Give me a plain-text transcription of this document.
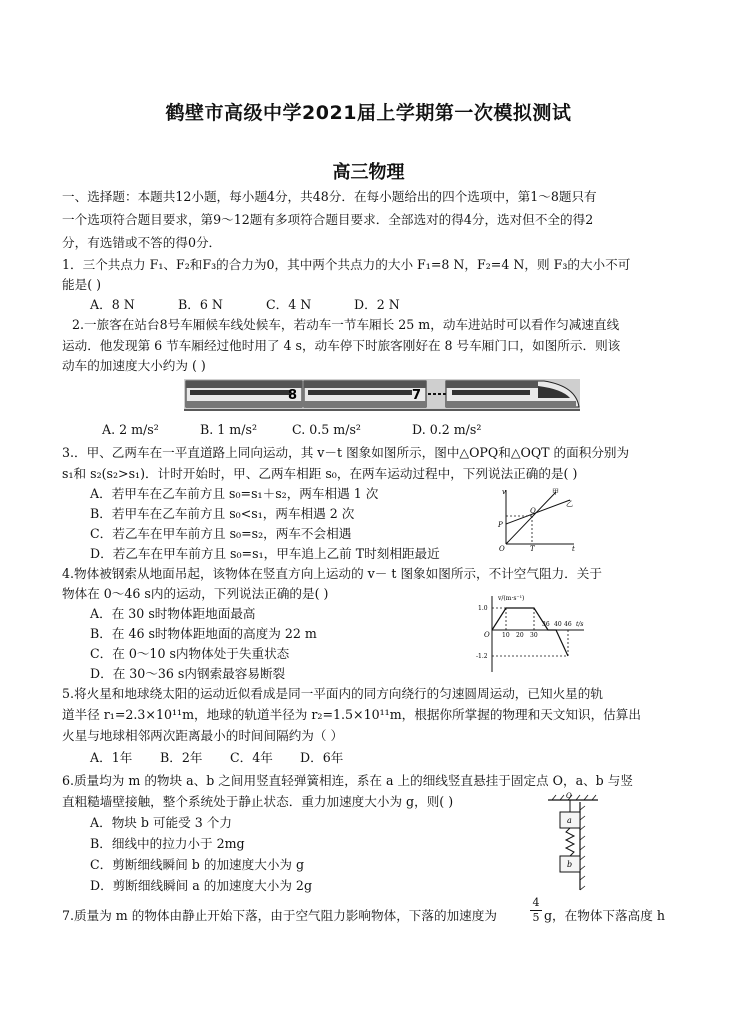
鹤壁市高级中学2021届上学期第一次模拟测试
高三物理
一、选择题：本题共12小题，每小题4分，共48分．在每小题给出的四个选项中，第1～8题只有
一个选项符合题目要求，第9～12题有多项符合题目要求．全部选对的得4分，选对但不全的得2
分，有选错或不答的得0分．
1．三个共点力 F₁、F₂和F₃的合力为0，其中两个共点力的大小 F₁=8 N，F₂=4 N，则 F₃的大小不可
能是( )
A．8 N	B．6 N	C．4 N	D．2 N
2.一旅客在站台8号车厢候车线处候车，若动车一节车厢长 25 m，动车进站时可以看作匀减速直线
运动．他发现第 6 节车厢经过他时用了 4 s，动车停下时旅客刚好在 8 号车厢门口，如图所示．则该
动车的加速度大小约为 ( )
8	7
A. 2 m/s²	B. 1 m/s²	C. 0.5 m/s²	D. 0.2 m/s²
3.．甲、乙两车在一平直道路上同向运动，其 v－t 图象如图所示，图中△OPQ和△OQT 的面积分别为
s₁和 s₂(s₂>s₁)．计时开始时，甲、乙两车相距 s₀，在两车运动过程中，下列说法正确的是( )
A．若甲车在乙车前方且 s₀=s₁＋s₂，两车相遇 1 次
B．若甲车在乙车前方且 s₀<s₁，两车相遇 2 次
C．若乙车在甲车前方且 s₀=s₂，两车不会相遇
D．若乙车在甲车前方且 s₀=s₁，甲车追上乙前 T时刻相距最近
v
t
O	T
P
Q
甲
乙
4.物体被钢索从地面吊起，该物体在竖直方向上运动的 v－ t 图象如图所示，不计空气阻力．关于
物体在 0～46 s内的运动，下列说法正确的是( )
A．在 30 s时物体距地面最高
B．在 46 s时物体距地面的高度为 22 m
C．在 0～10 s内物体处于失重状态
D．在 30～36 s内钢索最容易断裂
v/(m·s⁻¹)
1.0
-1.2
O 10 20 30
36 40 46 t/s
5.将火星和地球绕太阳的运动近似看成是同一平面内的同方向绕行的匀速圆周运动，已知火星的轨
道半径 r₁=2.3×10¹¹m，地球的轨道半径为 r₂=1.5×10¹¹m，根据你所掌握的物理和天文知识，估算出
火星与地球相邻两次距离最小的时间间隔约为（ ）
A．1年 B．2年 C．4年 D．6年
6.质量均为 m 的物块 a、b 之间用竖直轻弹簧相连，系在 a 上的细线竖直悬挂于固定点 O，a、b 与竖
直粗糙墙壁接触，整个系统处于静止状态．重力加速度大小为 g，则( )
A．物块 b 可能受 3 个力
B．细线中的拉力小于 2mg
C．剪断细线瞬间 b 的加速度大小为 g
D．剪断细线瞬间 a 的加速度大小为 2g
O
a
b
7.质量为 m 的物体由静止开始下落，由于空气阻力影响物体，下落的加速度为
4
5 g，在物体下落高度 h
